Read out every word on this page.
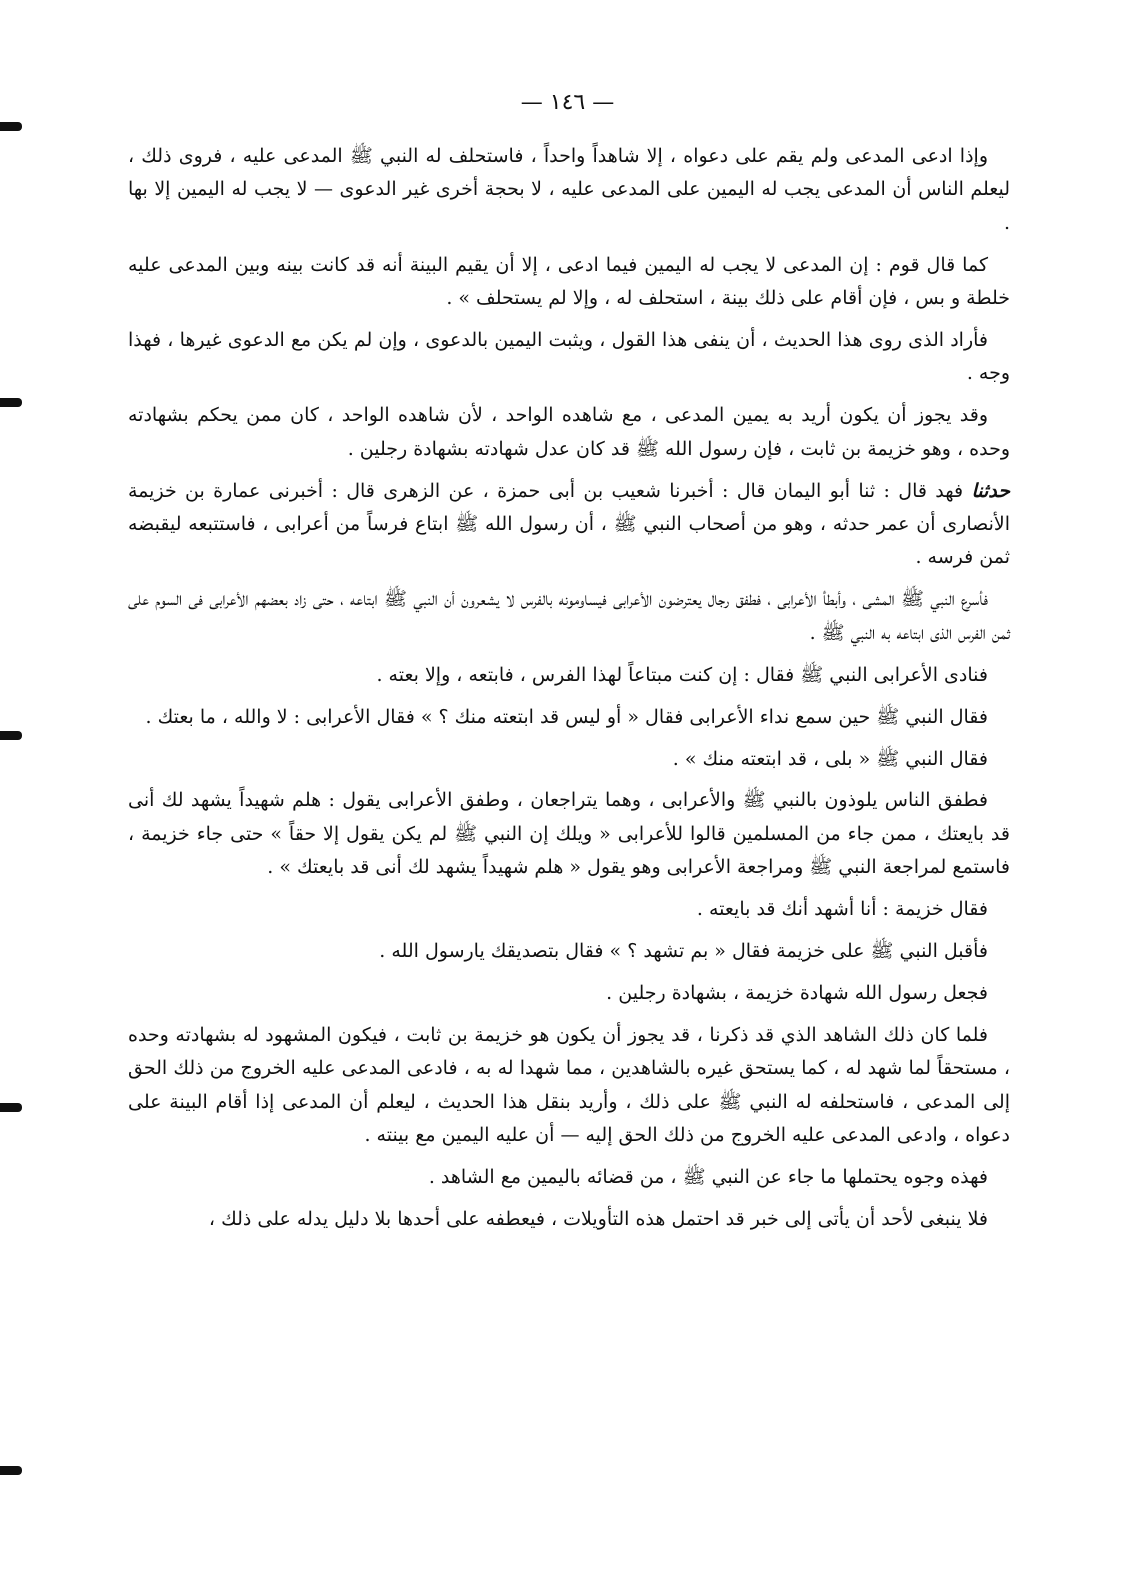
— ١٤٦ —

وإذا ادعى المدعى ولم يقم على دعواه ، إلا شاهداً واحداً ، فاستحلف له النبي ﷺ المدعى عليه ، فروى ذلك ، ليعلم الناس أن المدعى يجب له اليمين على المدعى عليه ، لا بحجة أخرى غير الدعوى — لا يجب له اليمين إلا بها .

كما قال قوم : إن المدعى لا يجب له اليمين فيما ادعى ، إلا أن يقيم البينة أنه قد كانت بينه وبين المدعى عليه خلطة و بس ، فإن أقام على ذلك بينة ، استحلف له ، وإلا لم يستحلف » .

فأراد الذى روى هذا الحديث ، أن ينفى هذا القول ، ويثبت اليمين بالدعوى ، وإن لم يكن مع الدعوى غيرها ، فهذا وجه .

وقد يجوز أن يكون أريد به يمين المدعى ، مع شاهده الواحد ، لأن شاهده الواحد ، كان ممن يحكم بشهادته وحده ، وهو خزيمة بن ثابت ، فإن رسول الله ﷺ قد كان عدل شهادته بشهادة رجلين .

حدثنا فهد قال : ثنا أبو اليمان قال : أخبرنا شعيب بن أبى حمزة ، عن الزهرى قال : أخبرنى عمارة بن خزيمة الأنصارى أن عمر حدثه ، وهو من أصحاب النبي ﷺ ، أن رسول الله ﷺ ابتاع فرساً من أعرابى ، فاستتبعه ليقبضه ثمن فرسه .

فأسرع النبي ﷺ المشى ، وأبطأ الأعرابى ، فطفق رجال يعترضون الأعرابى فيساومونه بالفرس لا يشعرون أن النبي ﷺ ابتاعه ، حتى زاد بعضهم الأعرابى فى السوم على ثمن الفرس الذى ابتاعه به النبي ﷺ .

فنادى الأعرابى النبي ﷺ فقال : إن كنت مبتاعاً لهذا الفرس ، فابتعه ، وإلا بعته .

فقال النبي ﷺ حين سمع نداء الأعرابى فقال « أو ليس قد ابتعته منك ؟ » فقال الأعرابى : لا والله ، ما بعتك .

فقال النبي ﷺ « بلى ، قد ابتعته منك » .

فطفق الناس يلوذون بالنبي ﷺ والأعرابى ، وهما يتراجعان ، وطفق الأعرابى يقول : هلم شهيداً يشهد لك أنى قد بايعتك ، ممن جاء من المسلمين قالوا للأعرابى « ويلك إن النبي ﷺ لم يكن يقول إلا حقاً » حتى جاء خزيمة ، فاستمع لمراجعة النبي ﷺ ومراجعة الأعرابى وهو يقول « هلم شهيداً يشهد لك أنى قد بايعتك » .

فقال خزيمة : أنا أشهد أنك قد بايعته .

فأقبل النبي ﷺ على خزيمة فقال « بم تشهد ؟ » فقال بتصديقك يارسول الله .

فجعل رسول الله شهادة خزيمة ، بشهادة رجلين .

فلما كان ذلك الشاهد الذي قد ذكرنا ، قد يجوز أن يكون هو خزيمة بن ثابت ، فيكون المشهود له بشهادته وحده ، مستحقاً لما شهد له ، كما يستحق غيره بالشاهدين ، مما شهدا له به ، فادعى المدعى عليه الخروج من ذلك الحق إلى المدعى ، فاستحلفه له النبي ﷺ على ذلك ، وأريد بنقل هذا الحديث ، ليعلم أن المدعى إذا أقام البينة على دعواه ، وادعى المدعى عليه الخروج من ذلك الحق إليه — أن عليه اليمين مع بينته .

فهذه وجوه يحتملها ما جاء عن النبي ﷺ ، من قضائه باليمين مع الشاهد .

فلا ينبغى لأحد أن يأتى إلى خبر قد احتمل هذه التأويلات ، فيعطفه على أحدها بلا دليل يدله على ذلك ،
